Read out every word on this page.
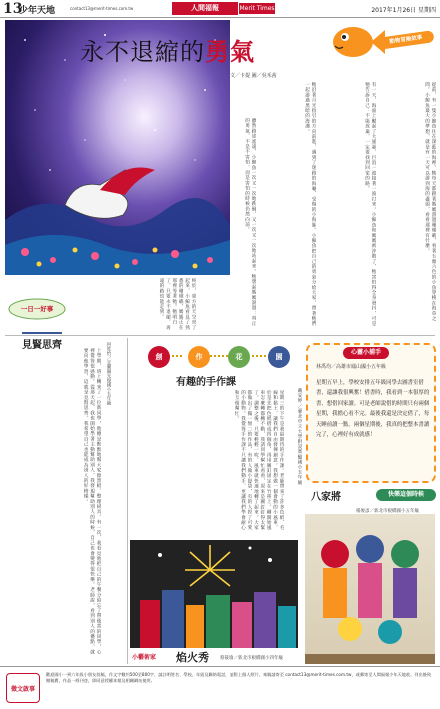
13
少年天地	contact13@merit-times.com.tw	人間福報	Merit Times	2017年1月26日 星期四
永不退縮的勇氣
文／卡提 圖／吳禾茜
動物冒險故事
從前，有一隻小鯨魚住在深藍的海裡。牠每天都跟著媽媽游過珊瑚礁，看著五顏六色的小魚穿梭在海草之間。小鯨魚最大的夢想，就是有一天可以游到海的盡頭，看看那裡有什麼。
有一天，海面上颳起了大風暴，巨浪一波接著一波打來。小鯨魚和媽媽被沖散了，牠害怕得全身發抖，可是牠告訴自己：不能放棄，一定要找到回家的路。
牠沿著月光指引的方向前進，遇到了迷路的海龜、受傷的小海豚。小鯨魚把自己的勇氣分給大家，帶著牠們一起游過黑暗的海溝。
雖然路途遙遠，小鯨魚一次又一次地跌倒，又一次又一次地站起來。牠想起媽媽說過：真正的勇氣，不是不害怕，而是害怕的時候仍然向前。
終於，東方的天空亮了起來，小鯨魚看見了熟悉的珊瑚礁，媽媽正在那裡等著牠。牠明白了，只要永不退縮，再遠的路也能走到。
一日一好事
見賢思齊	何姓怡／宜蘭縣光復國小五年級
上學期，班上轉來了一位新同學，他總是默默地幫大家擦黑板、整理掃具。有一次，我看見他把自己的午餐分給忘了帶便當的同學，心裡覺得很感動。從那天起，我也開始學著主動幫助別人，我發現幫助別人的時候，自己也會變得很快樂。老師說，看到別人的優點，就要向他學習，這就是見賢思齊。我希望自己也能成為別人的好榜樣。	創	作	花	園
有趣的手作課
戴安婷／臺北市立大學附設實驗國小五年級
星期三的下午是我最期待的手作課。老師帶來了許多色紙、毛線和黏土，讓我們自由發揮創意。我想做一個會動的小風車，於是先把色紙摺成四個角，再用圖釘固定在竹筷上。剛開始風車怎麼轉都轉不動，我請同學幫忙看看，原來是圖釘釘得太緊了。調整之後，只要輕輕一吹，風車就快速地轉了起來。大家都做出了獨一無二的作品，有的人做小提袋，有的人捏了可愛的小動物。我覺得手作課不只讓我們動手，更讓我們學會耐心和互相幫忙。
心靈小捕手
林禹均／高雄市鳳山國小五年級
星期五早上，學校安排五年級同學去圖書室借書，還讓我很興奮！借書時，我看到一本很厚的書，想借回家讀。可是老師說借的時間只有兩個星期，我擔心看不完。最後我還是決定借了，每天睡前讀一點。兩個星期後，我真的把整本書讀完了，心裡好有成就感！
快樂這個時候
八家將
楊俊彥／新北市板橋國小五年級
小藝術家 焰火秀 蔡筱瑜／新北市板橋國小四年級
徵文啟事
歡迎國小一到六年級小朋友投稿，作文字數約500至800字，請註明姓名、學校、年級及聯絡電話，並附上個人照片。來稿請寄至 contact13@merit-times.com.tw，或郵寄至人間福報少年天地收。刊出後致贈稿費，作品一經刊登，即同意授權本報及相關網站使用。
